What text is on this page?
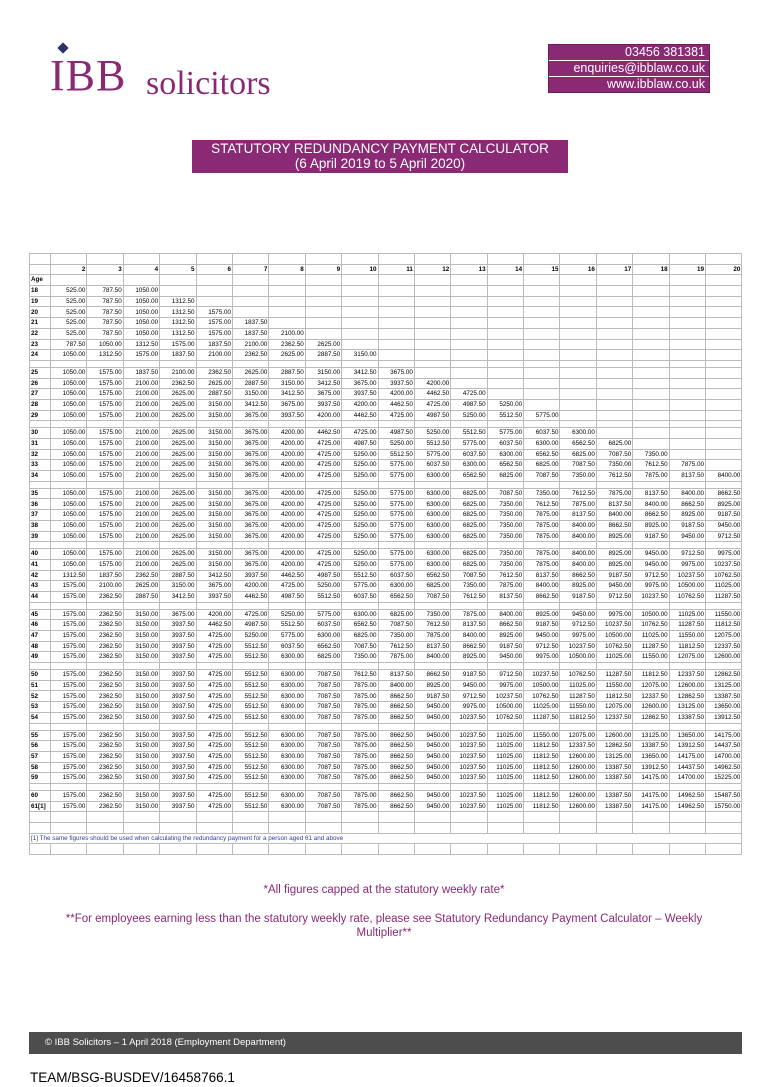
IBB solicitors
03456 381381
enquiries@ibblaw.co.uk
www.ibblaw.co.uk
STATUTORY REDUNDANCY PAYMENT CALCULATOR
(6 April 2019 to 5 April 2020)

	2	3	4	5	6	7	8	9	10	11	12	13	14	15	16	17	18	19	20
Age																			
18	525.00	787.50	1050.00																
19	525.00	787.50	1050.00	1312.50															
20	525.00	787.50	1050.00	1312.50	1575.00														
21	525.00	787.50	1050.00	1312.50	1575.00	1837.50													
22	525.00	787.50	1050.00	1312.50	1575.00	1837.50	2100.00												
23	787.50	1050.00	1312.50	1575.00	1837.50	2100.00	2362.50	2625.00											
24	1050.00	1312.50	1575.00	1837.50	2100.00	2362.50	2625.00	2887.50	3150.00										

25	1050.00	1575.00	1837.50	2100.00	2362.50	2625.00	2887.50	3150.00	3412.50	3675.00									
26	1050.00	1575.00	2100.00	2362.50	2625.00	2887.50	3150.00	3412.50	3675.00	3937.50	4200.00								
27	1050.00	1575.00	2100.00	2625.00	2887.50	3150.00	3412.50	3675.00	3937.50	4200.00	4462.50	4725.00							
28	1050.00	1575.00	2100.00	2625.00	3150.00	3412.50	3675.00	3937.50	4200.00	4462.50	4725.00	4987.50	5250.00						
29	1050.00	1575.00	2100.00	2625.00	3150.00	3675.00	3937.50	4200.00	4462.50	4725.00	4987.50	5250.00	5512.50	5775.00					

30	1050.00	1575.00	2100.00	2625.00	3150.00	3675.00	4200.00	4462.50	4725.00	4987.50	5250.00	5512.50	5775.00	6037.50	6300.00				
31	1050.00	1575.00	2100.00	2625.00	3150.00	3675.00	4200.00	4725.00	4987.50	5250.00	5512.50	5775.00	6037.50	6300.00	6562.50	6825.00			
32	1050.00	1575.00	2100.00	2625.00	3150.00	3675.00	4200.00	4725.00	5250.00	5512.50	5775.00	6037.50	6300.00	6562.50	6825.00	7087.50	7350.00		
33	1050.00	1575.00	2100.00	2625.00	3150.00	3675.00	4200.00	4725.00	5250.00	5775.00	6037.50	6300.00	6562.50	6825.00	7087.50	7350.00	7612.50	7875.00	
34	1050.00	1575.00	2100.00	2625.00	3150.00	3675.00	4200.00	4725.00	5250.00	5775.00	6300.00	6562.50	6825.00	7087.50	7350.00	7612.50	7875.00	8137.50	8400.00

35	1050.00	1575.00	2100.00	2625.00	3150.00	3675.00	4200.00	4725.00	5250.00	5775.00	6300.00	6825.00	7087.50	7350.00	7612.50	7875.00	8137.50	8400.00	8662.50
36	1050.00	1575.00	2100.00	2625.00	3150.00	3675.00	4200.00	4725.00	5250.00	5775.00	6300.00	6825.00	7350.00	7612.50	7875.00	8137.50	8400.00	8662.50	8925.00
37	1050.00	1575.00	2100.00	2625.00	3150.00	3675.00	4200.00	4725.00	5250.00	5775.00	6300.00	6825.00	7350.00	7875.00	8137.50	8400.00	8662.50	8925.00	9187.50
38	1050.00	1575.00	2100.00	2625.00	3150.00	3675.00	4200.00	4725.00	5250.00	5775.00	6300.00	6825.00	7350.00	7875.00	8400.00	8662.50	8925.00	9187.50	9450.00
39	1050.00	1575.00	2100.00	2625.00	3150.00	3675.00	4200.00	4725.00	5250.00	5775.00	6300.00	6825.00	7350.00	7875.00	8400.00	8925.00	9187.50	9450.00	9712.50

40	1050.00	1575.00	2100.00	2625.00	3150.00	3675.00	4200.00	4725.00	5250.00	5775.00	6300.00	6825.00	7350.00	7875.00	8400.00	8925.00	9450.00	9712.50	9975.00
41	1050.00	1575.00	2100.00	2625.00	3150.00	3675.00	4200.00	4725.00	5250.00	5775.00	6300.00	6825.00	7350.00	7875.00	8400.00	8925.00	9450.00	9975.00	10237.50
42	1312.50	1837.50	2362.50	2887.50	3412.50	3937.50	4462.50	4987.50	5512.50	6037.50	6562.50	7087.50	7612.50	8137.50	8662.50	9187.50	9712.50	10237.50	10762.50
43	1575.00	2100.00	2625.00	3150.00	3675.00	4200.00	4725.00	5250.00	5775.00	6300.00	6825.00	7350.00	7875.00	8400.00	8925.00	9450.00	9975.00	10500.00	11025.00
44	1575.00	2362.50	2887.50	3412.50	3937.50	4462.50	4987.50	5512.50	6037.50	6562.50	7087.50	7612.50	8137.50	8662.50	9187.50	9712.50	10237.50	10762.50	11287.50

45	1575.00	2362.50	3150.00	3675.00	4200.00	4725.00	5250.00	5775.00	6300.00	6825.00	7350.00	7875.00	8400.00	8925.00	9450.00	9975.00	10500.00	11025.00	11550.00
46	1575.00	2362.50	3150.00	3937.50	4462.50	4987.50	5512.50	6037.50	6562.50	7087.50	7612.50	8137.50	8662.50	9187.50	9712.50	10237.50	10762.50	11287.50	11812.50
47	1575.00	2362.50	3150.00	3937.50	4725.00	5250.00	5775.00	6300.00	6825.00	7350.00	7875.00	8400.00	8925.00	9450.00	9975.00	10500.00	11025.00	11550.00	12075.00
48	1575.00	2362.50	3150.00	3937.50	4725.00	5512.50	6037.50	6562.50	7087.50	7612.50	8137.50	8662.50	9187.50	9712.50	10237.50	10762.50	11287.50	11812.50	12337.50
49	1575.00	2362.50	3150.00	3937.50	4725.00	5512.50	6300.00	6825.00	7350.00	7875.00	8400.00	8925.00	9450.00	9975.00	10500.00	11025.00	11550.00	12075.00	12600.00

50	1575.00	2362.50	3150.00	3937.50	4725.00	5512.50	6300.00	7087.50	7612.50	8137.50	8662.50	9187.50	9712.50	10237.50	10762.50	11287.50	11812.50	12337.50	12862.50
51	1575.00	2362.50	3150.00	3937.50	4725.00	5512.50	6300.00	7087.50	7875.00	8400.00	8925.00	9450.00	9975.00	10500.00	11025.00	11550.00	12075.00	12600.00	13125.00
52	1575.00	2362.50	3150.00	3937.50	4725.00	5512.50	6300.00	7087.50	7875.00	8662.50	9187.50	9712.50	10237.50	10762.50	11287.50	11812.50	12337.50	12862.50	13387.50
53	1575.00	2362.50	3150.00	3937.50	4725.00	5512.50	6300.00	7087.50	7875.00	8662.50	9450.00	9975.00	10500.00	11025.00	11550.00	12075.00	12600.00	13125.00	13650.00
54	1575.00	2362.50	3150.00	3937.50	4725.00	5512.50	6300.00	7087.50	7875.00	8662.50	9450.00	10237.50	10762.50	11287.50	11812.50	12337.50	12862.50	13387.50	13912.50

55	1575.00	2362.50	3150.00	3937.50	4725.00	5512.50	6300.00	7087.50	7875.00	8662.50	9450.00	10237.50	11025.00	11550.00	12075.00	12600.00	13125.00	13650.00	14175.00
56	1575.00	2362.50	3150.00	3937.50	4725.00	5512.50	6300.00	7087.50	7875.00	8662.50	9450.00	10237.50	11025.00	11812.50	12337.50	12862.50	13387.50	13912.50	14437.50
57	1575.00	2362.50	3150.00	3937.50	4725.00	5512.50	6300.00	7087.50	7875.00	8662.50	9450.00	10237.50	11025.00	11812.50	12600.00	13125.00	13650.00	14175.00	14700.00
58	1575.00	2362.50	3150.00	3937.50	4725.00	5512.50	6300.00	7087.50	7875.00	8662.50	9450.00	10237.50	11025.00	11812.50	12600.00	13387.50	13912.50	14437.50	14962.50
59	1575.00	2362.50	3150.00	3937.50	4725.00	5512.50	6300.00	7087.50	7875.00	8662.50	9450.00	10237.50	11025.00	11812.50	12600.00	13387.50	14175.00	14700.00	15225.00

60	1575.00	2362.50	3150.00	3937.50	4725.00	5512.50	6300.00	7087.50	7875.00	8662.50	9450.00	10237.50	11025.00	11812.50	12600.00	13387.50	14175.00	14962.50	15487.50
61[1]	1575.00	2362.50	3150.00	3937.50	4725.00	5512.50	6300.00	7087.50	7875.00	8662.50	9450.00	10237.50	11025.00	11812.50	12600.00	13387.50	14175.00	14962.50	15750.00

[1] The same figures should be used when calculating the redundancy payment for a person aged 61 and above																			

*All figures capped at the statutory weekly rate*
**For employees earning less than the statutory weekly rate, please see Statutory Redundancy Payment Calculator – Weekly Multiplier**
© IBB Solicitors – 1 April 2018 (Employment Department)
TEAM/BSG-BUSDEV/16458766.1
